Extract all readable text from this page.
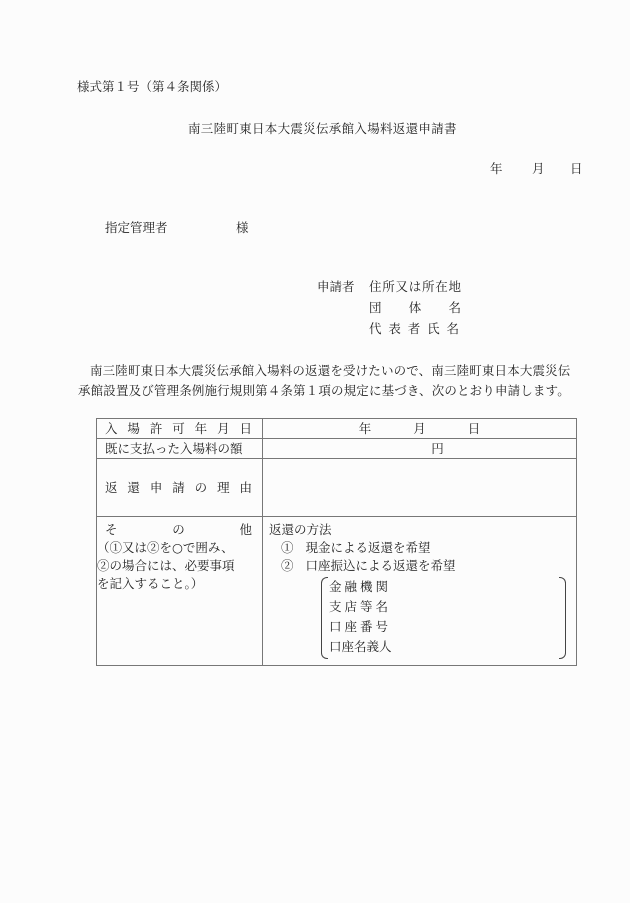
様式第１号（第４条関係）
南三陸町東日本大震災伝承館入場料返還申請書
年 月 日
指定管理者	様
申請者 住所又は所在地
団　体　名
代表者氏名
南三陸町東日本大震災伝承館入場料の返還を受けたいので、南三陸町東日本大震災伝承館設置及び管理条例施行規則第４条第１項の規定に基づき、次のとおり申請します。
入場許可年月日	年 月 日

既に支払った入場料の額	円

返還申請の理由	

その他
（①又は②を○で囲み、
②の場合には、必要事項
を記入すること。）

返還の方法
① 現金による返還を希望
② 口座振込による返還を希望
金融機関
支店等名
口座番号
口座名義人
